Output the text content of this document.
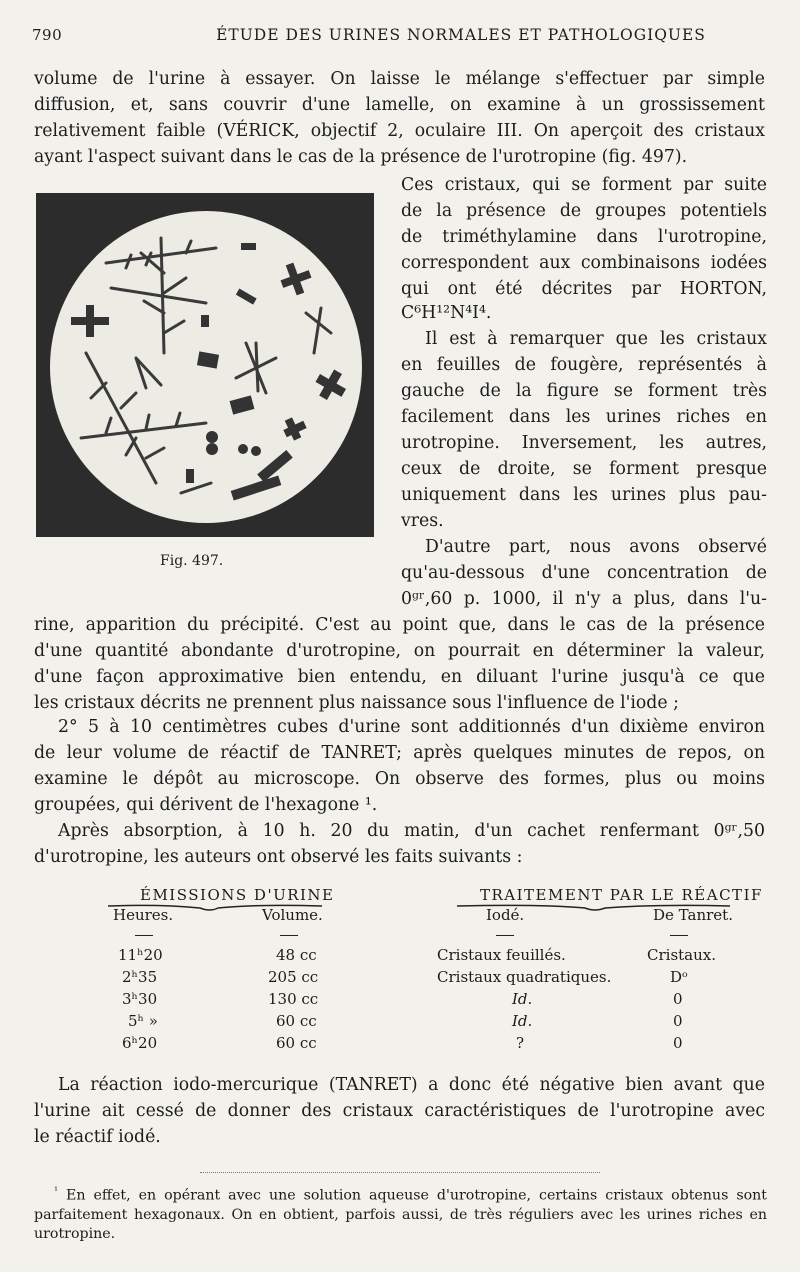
790	ÉTUDE DES URINES NORMALES ET PATHOLOGIQUES
volume de l'urine à essayer. On laisse le mélange s'effectuer par simple
diffusion, et, sans couvrir d'une lamelle, on examine à un grossissement
relativement faible (VÉRICK, objectif 2, oculaire III. On aperçoit des cristaux
ayant l'aspect suivant dans le cas de la présence de l'urotropine (fig. 497).
Fig. 497.
Ces cristaux, qui se forment par suite
de la présence de groupes potentiels
de triméthylamine dans l'urotropine,
correspondent aux combinaisons iodées
qui ont été décrites par HORTON,
C⁶H¹²N⁴I⁴.
Il est à remarquer que les cristaux
en feuilles de fougère, représentés à
gauche de la figure se forment très
facilement dans les urines riches en
urotropine. Inversement, les autres,
ceux de droite, se forment presque
uniquement dans les urines plus pau-
vres.
D'autre part, nous avons observé
qu'au-dessous d'une concentration de
0ᵍʳ,60 p. 1000, il n'y a plus, dans l'u-
rine, apparition du précipité. C'est au point que, dans le cas de la présence
d'une quantité abondante d'urotropine, on pourrait en déterminer la valeur,
d'une façon approximative bien entendu, en diluant l'urine jusqu'à ce que
les cristaux décrits ne prennent plus naissance sous l'influence de l'iode ;
2° 5 à 10 centimètres cubes d'urine sont additionnés d'un dixième environ
de leur volume de réactif de TANRET; après quelques minutes de repos, on
examine le dépôt au microscope. On observe des formes, plus ou moins
groupées, qui dérivent de l'hexagone ¹.
Après absorption, à 10 h. 20 du matin, d'un cachet renfermant 0ᵍʳ,50
d'urotropine, les auteurs ont observé les faits suivants :
ÉMISSIONS D'URINE	TRAITEMENT PAR LE RÉACTIF
Heures.	Volume.	Iodé.	De Tanret.
11ʰ20	48 cc	Cristaux feuillés.	Cristaux.
2ʰ35	205 cc	Cristaux quadratiques.	Dᵒ
3ʰ30	130 cc	Id.	0
5ʰ »	60 cc	Id.	0
6ʰ20	60 cc	?	0
La réaction iodo-mercurique (TANRET) a donc été négative bien avant que
l'urine ait cessé de donner des cristaux caractéristiques de l'urotropine avec
le réactif iodé.
$^{^1}$ En effet, en opérant avec une solution aqueuse d'urotropine, certains cristaux obtenus sont parfaitement hexagonaux. On en obtient, parfois aussi, de très réguliers avec les urines riches en urotropine.
